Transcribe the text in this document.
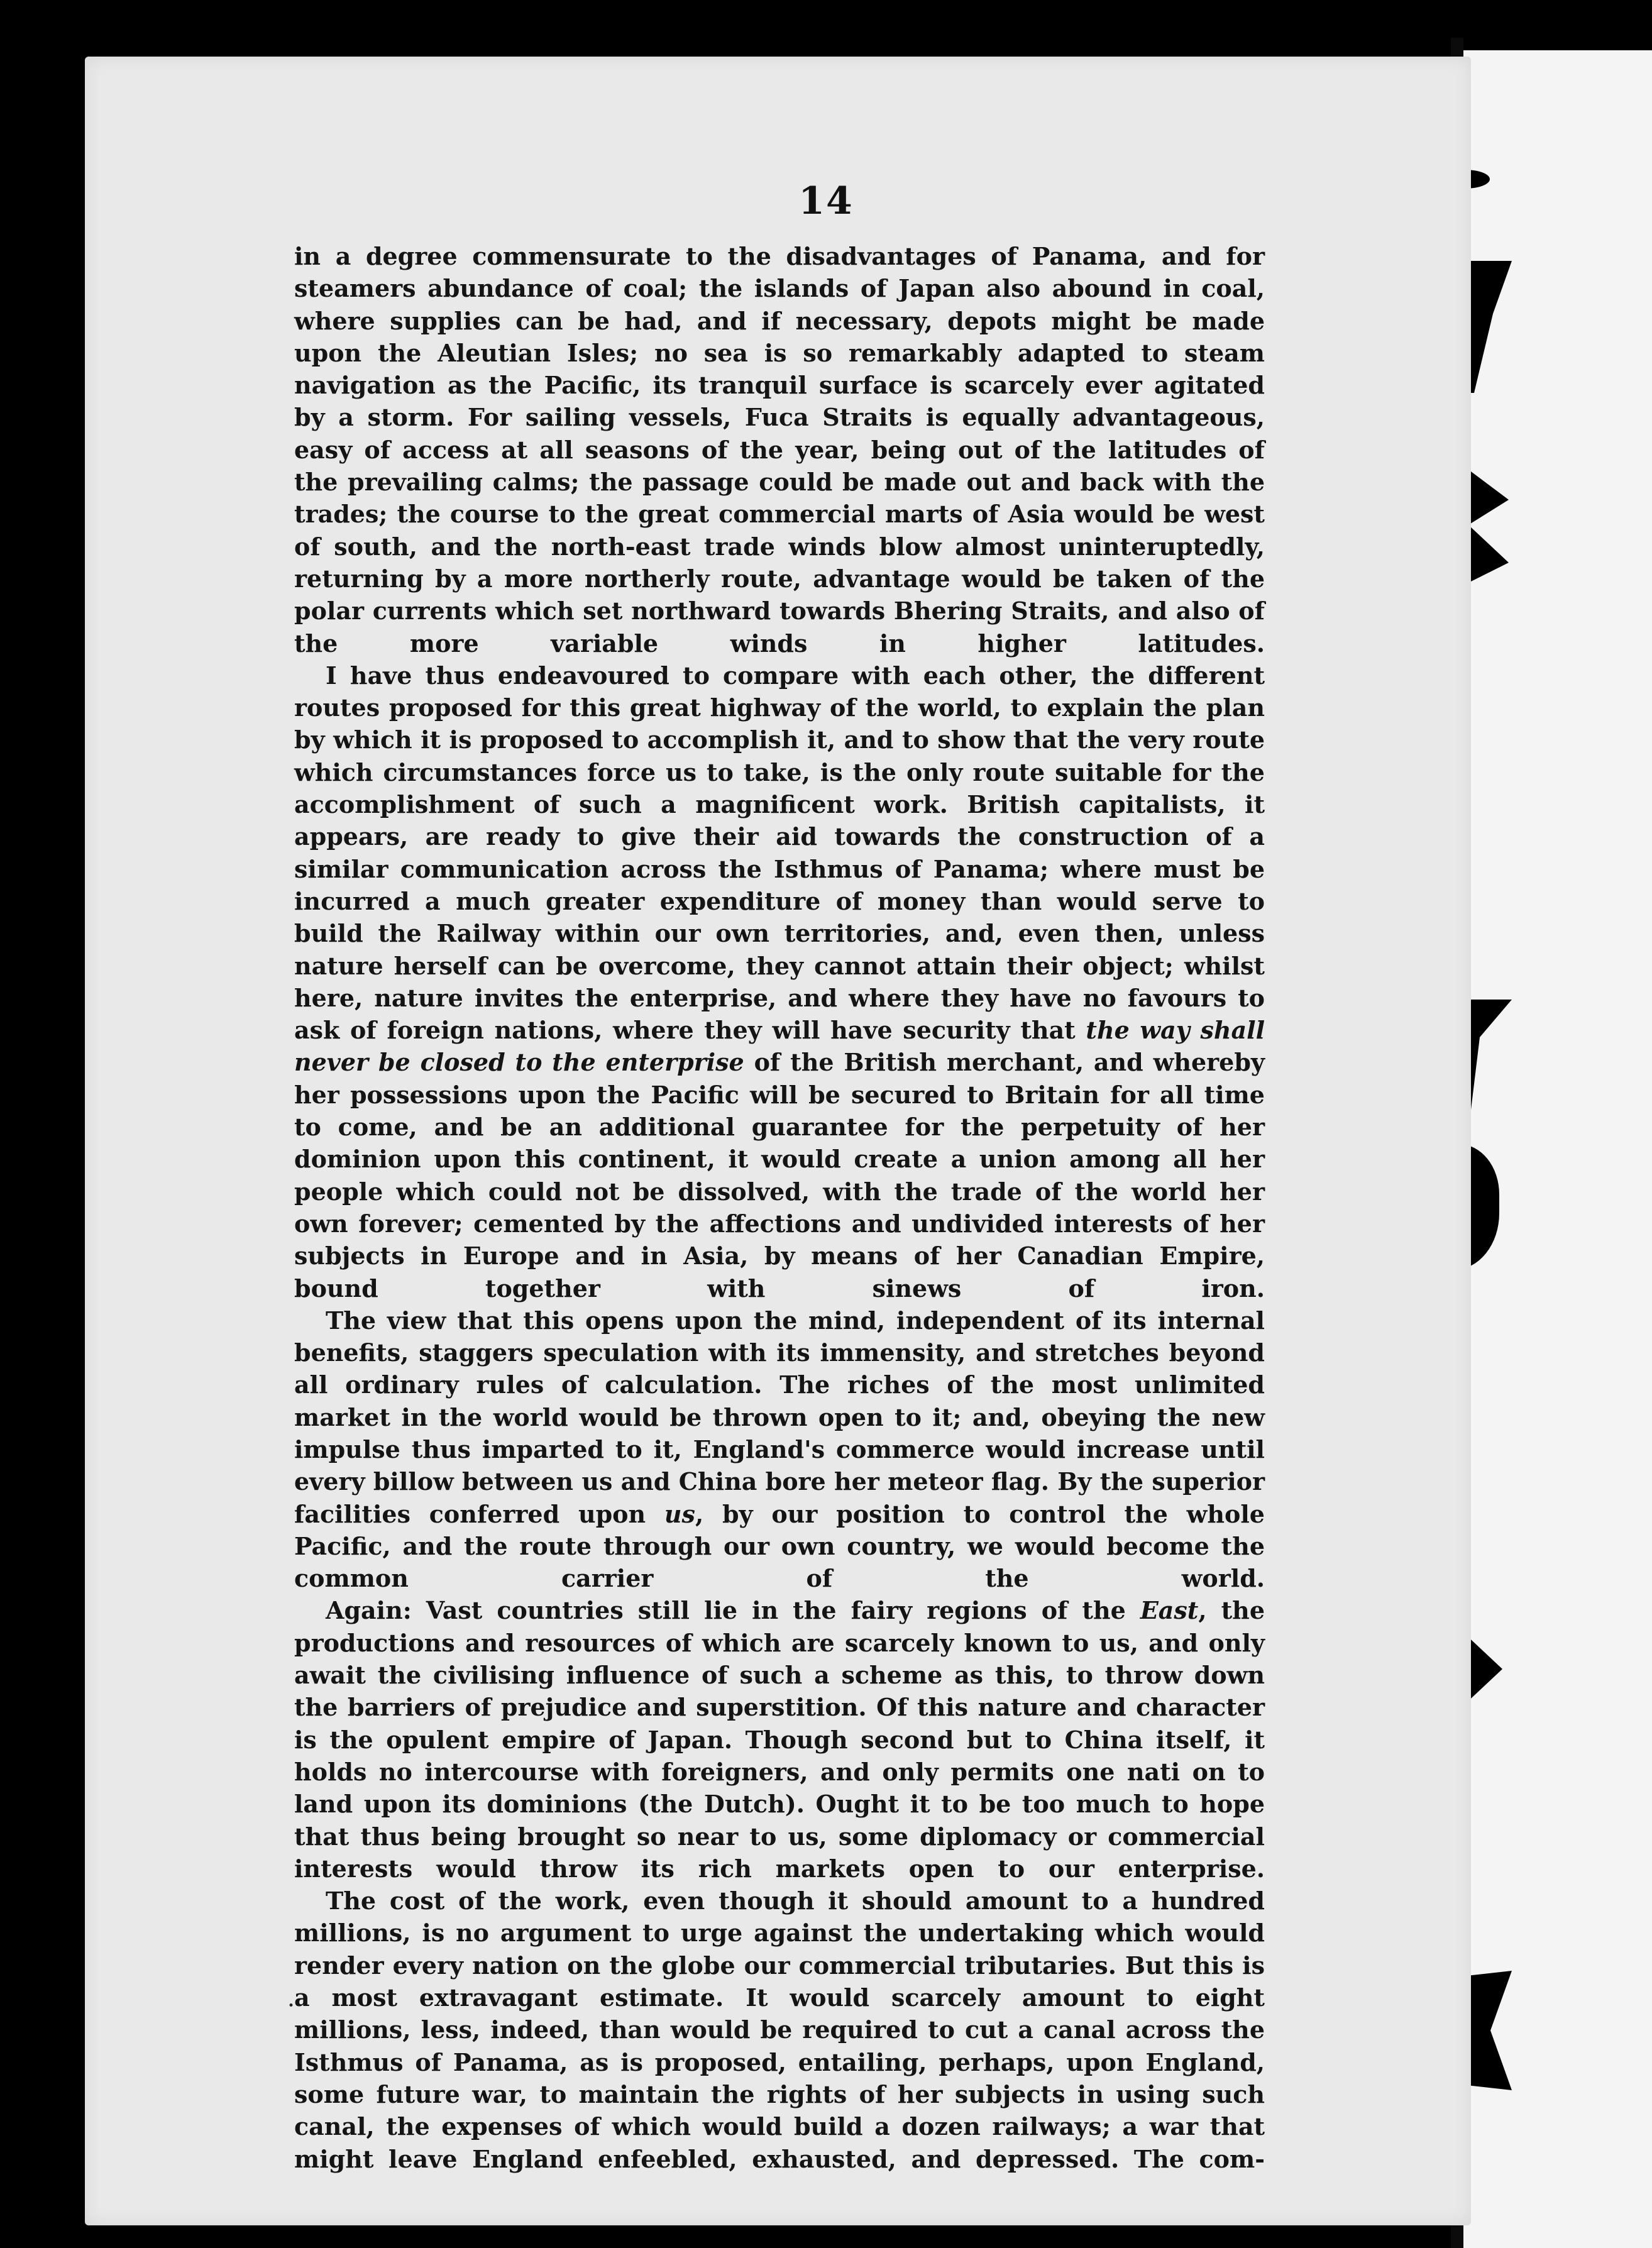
14

in a degree commensurate to the disadvantages of Panama, and for steamers abundance of coal; the islands of Japan also abound in coal, where supplies can be had, and if necessary, depots might be made upon the Aleutian Isles; no sea is so remarkably adapted to steam navigation as the Pacific, its tranquil surface is scarcely ever agitated by a storm. For sailing vessels, Fuca Straits is equally advantageous, easy of access at all seasons of the year, being out of the latitudes of the prevailing calms; the passage could be made out and back with the trades; the course to the great commercial marts of Asia would be west of south, and the north-east trade winds blow almost uninteruptedly, returning by a more northerly route, advantage would be taken of the polar currents which set northward towards Bhering Straits, and also of the more variable winds in higher latitudes.

I have thus endeavoured to compare with each other, the different routes proposed for this great highway of the world, to explain the plan by which it is proposed to accomplish it, and to show that the very route which circumstances force us to take, is the only route suitable for the accomplishment of such a magnificent work. British capitalists, it appears, are ready to give their aid towards the construction of a similar communication across the Isthmus of Panama; where must be incurred a much greater expenditure of money than would serve to build the Railway within our own territories, and, even then, unless nature herself can be overcome, they cannot attain their object; whilst here, nature invites the enterprise, and where they have no favours to ask of foreign nations, where they will have security that the way shall never be closed to the enterprise of the British merchant, and whereby her possessions upon the Pacific will be secured to Britain for all time to come, and be an additional guarantee for the perpetuity of her dominion upon this continent, it would create a union among all her people which could not be dissolved, with the trade of the world her own forever; cemented by the affections and undivided interests of her subjects in Europe and in Asia, by means of her Canadian Empire, bound together with sinews of iron.

The view that this opens upon the mind, independent of its internal benefits, staggers speculation with its immensity, and stretches beyond all ordinary rules of calculation. The riches of the most unlimited market in the world would be thrown open to it; and, obeying the new impulse thus imparted to it, England's commerce would increase until every billow between us and China bore her meteor flag. By the superior facilities conferred upon us, by our position to control the whole Pacific, and the route through our own country, we would become the common carrier of the world.

Again: Vast countries still lie in the fairy regions of the East, the productions and resources of which are scarcely known to us, and only await the civilising influence of such a scheme as this, to throw down the barriers of prejudice and superstition. Of this nature and character is the opulent empire of Japan. Though second but to China itself, it holds no intercourse with foreigners, and only permits one nati on to land upon its dominions (the Dutch). Ought it to be too much to hope that thus being brought so near to us, some diplomacy or commercial interests would throw its rich markets open to our enterprise.

The cost of the work, even though it should amount to a hundred millions, is no argument to urge against the undertaking which would render every nation on the globe our commercial tributaries. But this is a most extravagant estimate. It would scarcely amount to eight millions, less, indeed, than would be required to cut a canal across the Isthmus of Panama, as is proposed, entailing, perhaps, upon England, some future war, to maintain the rights of her subjects in using such canal, the expenses of which would build a dozen railways; a war that might leave England enfeebled, exhausted, and depressed. The com-

·
